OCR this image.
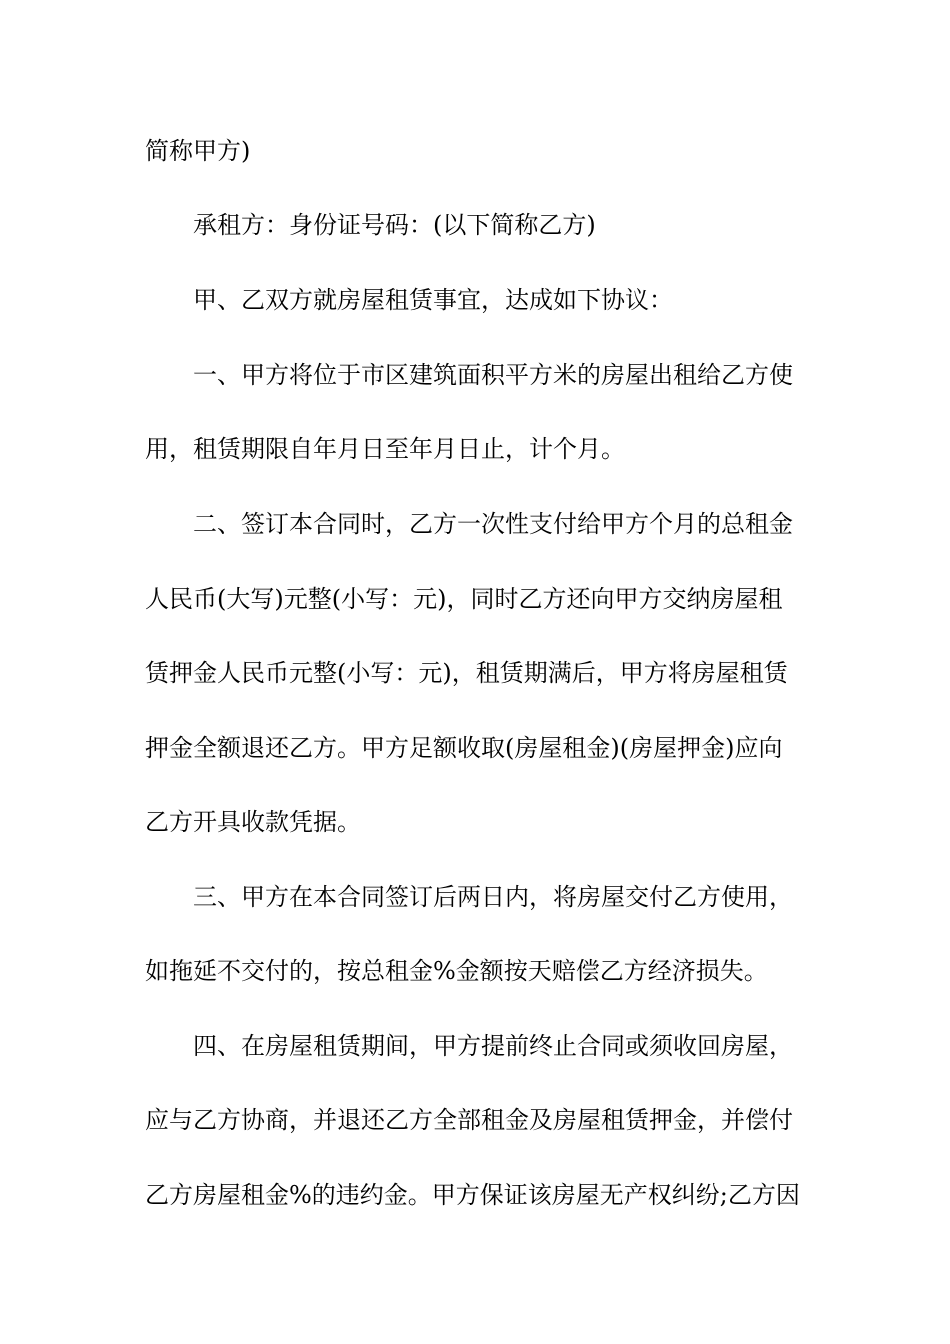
简称甲方)
承租方：身份证号码：(以下简称乙方)
甲、乙双方就房屋租赁事宜，达成如下协议：
一、甲方将位于市区建筑面积平方米的房屋出租给乙方使
用，租赁期限自年月日至年月日止，计个月。
二、签订本合同时，乙方一次性支付给甲方个月的总租金
人民币(大写)元整(小写：元)，同时乙方还向甲方交纳房屋租
赁押金人民币元整(小写：元)，租赁期满后，甲方将房屋租赁
押金全额退还乙方。甲方足额收取(房屋租金)(房屋押金)应向
乙方开具收款凭据。
三、甲方在本合同签订后两日内，将房屋交付乙方使用，
如拖延不交付的，按总租金%金额按天赔偿乙方经济损失。
四、在房屋租赁期间，甲方提前终止合同或须收回房屋，
应与乙方协商，并退还乙方全部租金及房屋租赁押金，并偿付
乙方房屋租金%的违约金。甲方保证该房屋无产权纠纷;乙方因
